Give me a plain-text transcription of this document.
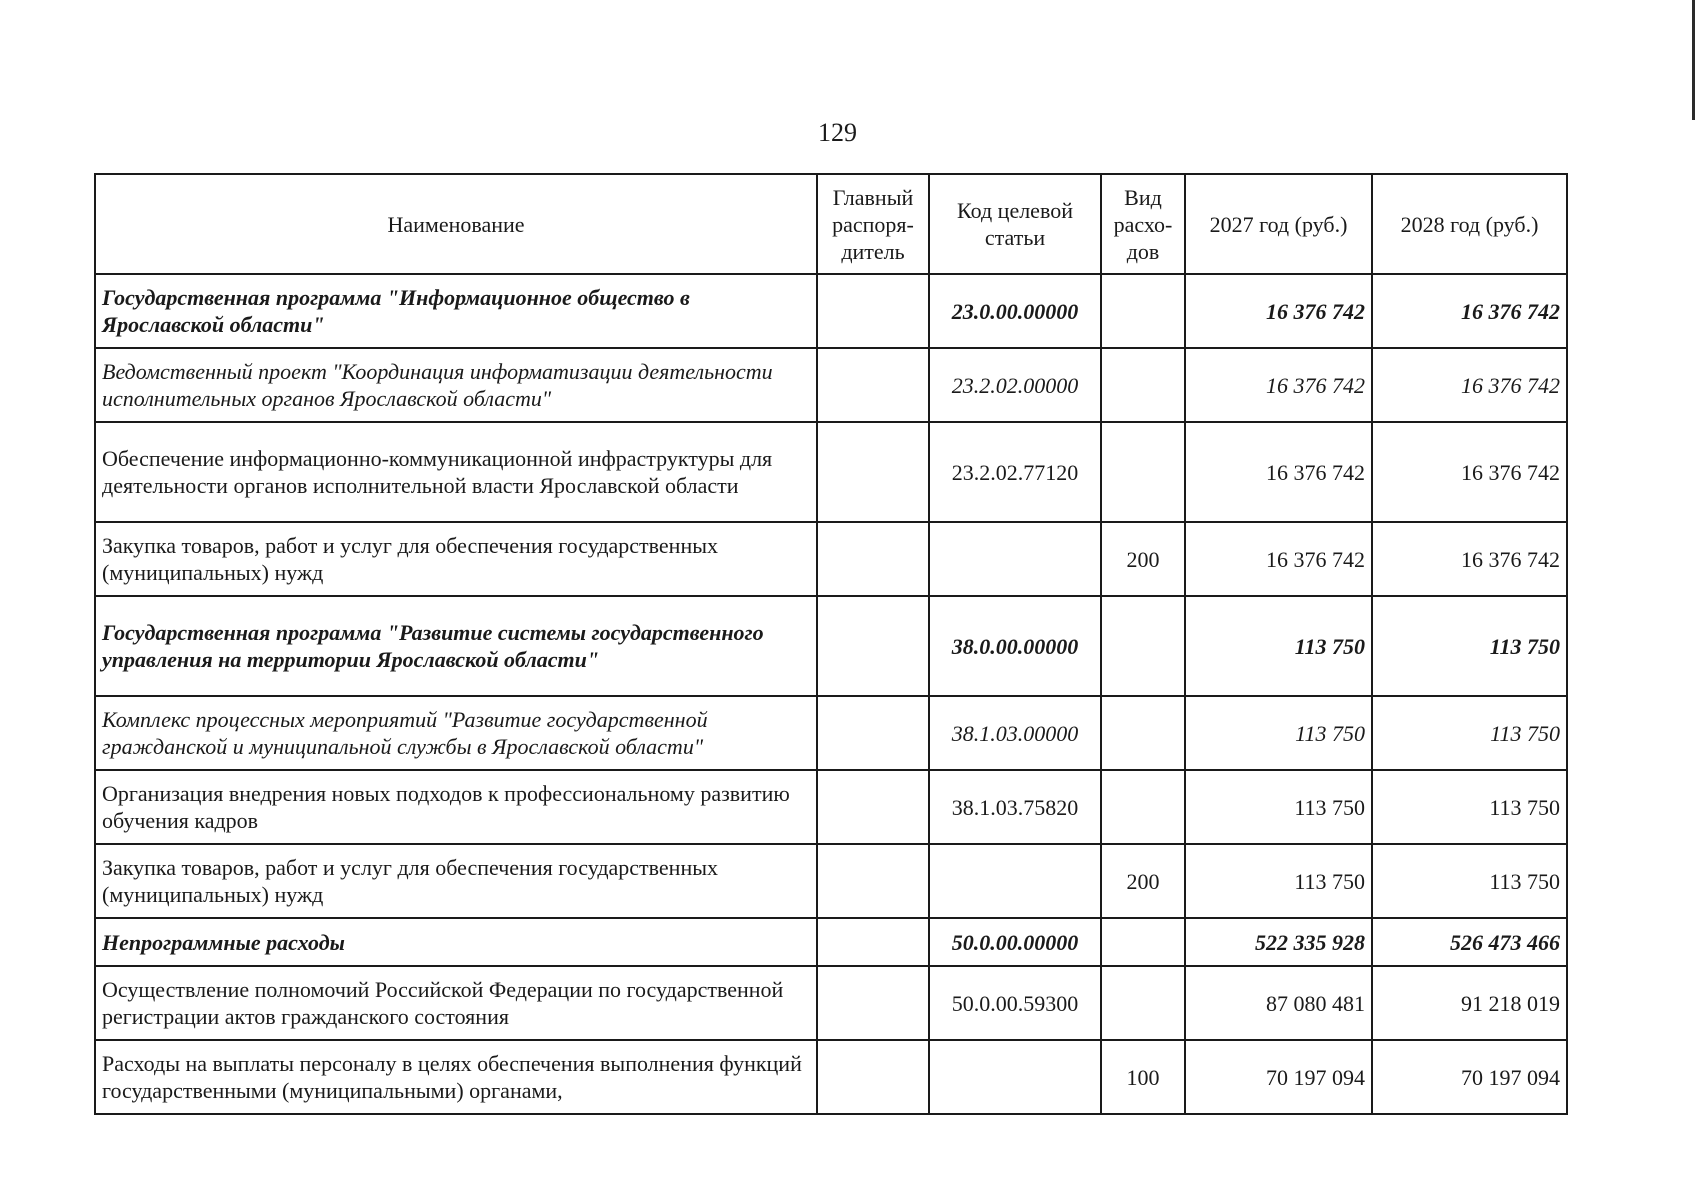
129
Наименование	Главный распоря-дитель	Код целевой статьи	Вид расхо-дов	2027 год (руб.)	2028 год (руб.)
Государственная программа "Информационное общество в Ярославской области"		23.0.00.00000		16 376 742	16 376 742
Ведомственный проект "Координация информатизации деятельности исполнительных органов Ярославской области"		23.2.02.00000		16 376 742	16 376 742
Обеспечение информационно-коммуникационной инфраструктуры для деятельности органов исполнительной власти Ярославской области		23.2.02.77120		16 376 742	16 376 742
Закупка товаров, работ и услуг для обеспечения государственных (муниципальных) нужд			200	16 376 742	16 376 742
Государственная программа "Развитие системы государственного управления на территории Ярославской области"		38.0.00.00000		113 750	113 750
Комплекс процессных мероприятий "Развитие государственной гражданской и муниципальной службы в Ярославской области"		38.1.03.00000		113 750	113 750
Организация внедрения новых подходов к профессиональному развитию обучения кадров		38.1.03.75820		113 750	113 750
Закупка товаров, работ и услуг для обеспечения государственных (муниципальных) нужд			200	113 750	113 750
Непрограммные расходы		50.0.00.00000		522 335 928	526 473 466
Осуществление полномочий Российской Федерации по государственной регистрации актов гражданского состояния		50.0.00.59300		87 080 481	91 218 019
Расходы на выплаты персоналу в целях обеспечения выполнения функций государственными (муниципальными) органами,			100	70 197 094	70 197 094
